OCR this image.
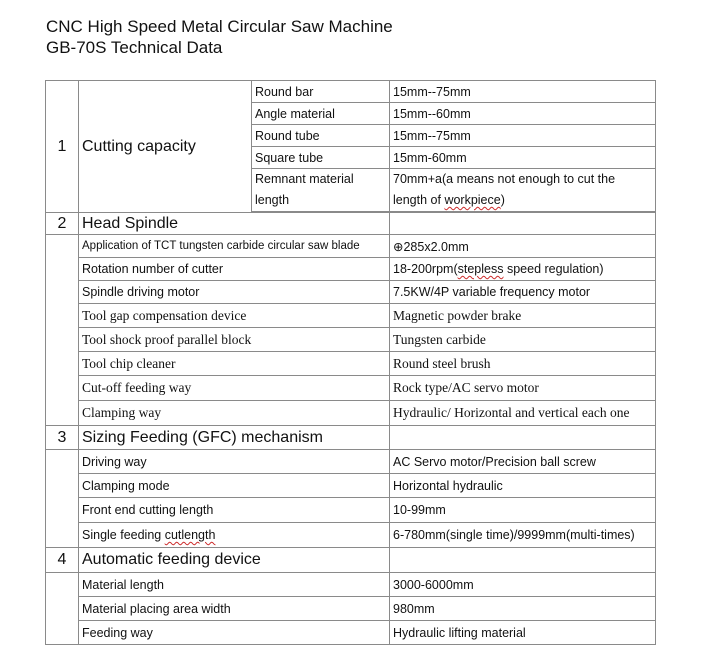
CNC High Speed Metal Circular Saw Machine
GB-70S Technical Data
1	Cutting capacity	Round bar	15mm--75mm
		Angle material	15mm--60mm
		Round tube	15mm--75mm
		Square tube	15mm-60mm
		Remnant material length	70mm+a(a means not enough to cut the length of workpiece)

2	Head Spindle		
	Application of TCT tungsten carbide circular saw blade		⊕285x2.0mm
	Rotation number of cutter		18-200rpm(stepless speed regulation)
	Spindle driving motor		7.5KW/4P variable frequency motor
	Tool gap compensation device		Magnetic powder brake
	Tool shock proof parallel block		Tungsten carbide
	Tool chip cleaner		Round steel brush
	Cut-off feeding way		Rock type/AC servo motor
	Clamping way		Hydraulic/ Horizontal and vertical each one
3	Sizing Feeding (GFC) mechanism		
	Driving way		AC Servo motor/Precision ball screw
	Clamping mode		Horizontal hydraulic
	Front end cutting length		10-99mm
	Single feeding cutlength		6-780mm(single time)/9999mm(multi-times)
4	Automatic feeding device		
	Material length		3000-6000mm
	Material placing area width		980mm
	Feeding way		Hydraulic lifting material
